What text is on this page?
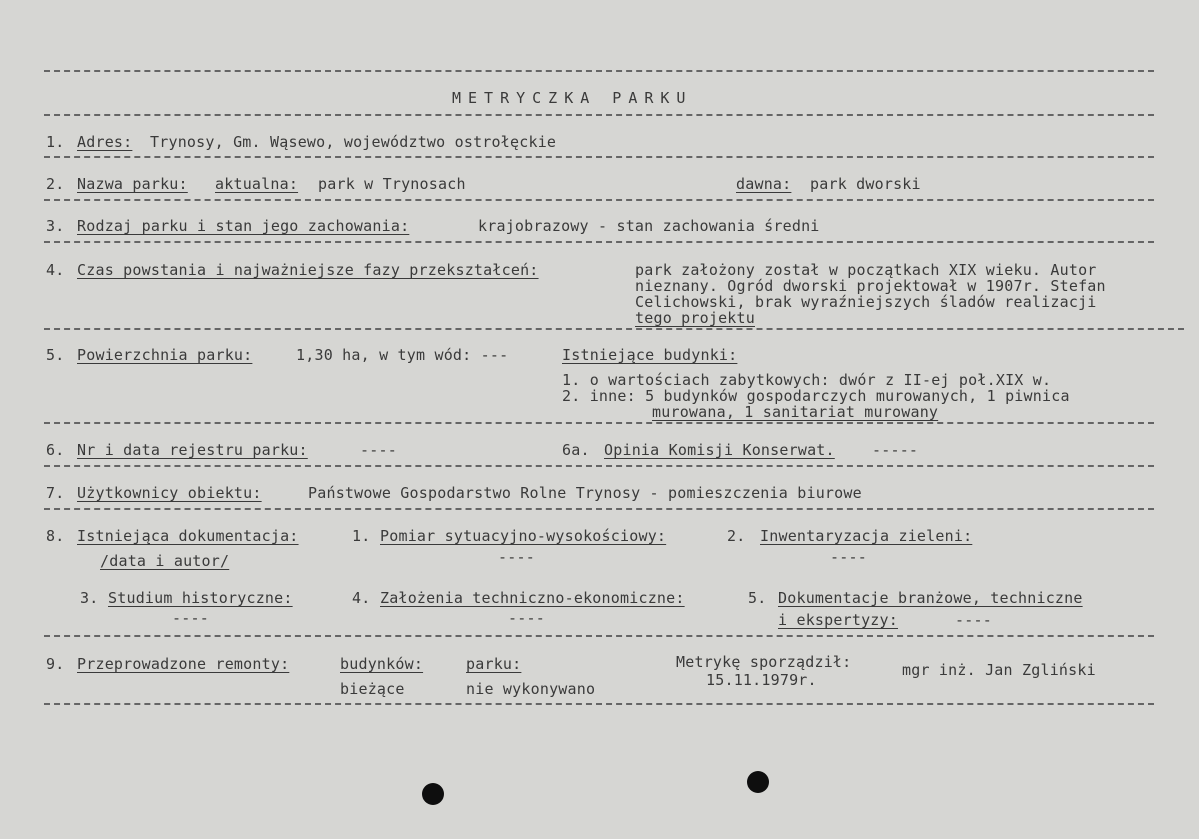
METRYCZKA PARKU
1. Adres: Trynosy, Gm. Wąsewo, województwo ostrołęckie
2. Nazwa parku: aktualna: park w Trynosach	dawna: park dworski
3. Rodzaj parku i stan jego zachowania:	krajobrazowy - stan zachowania średni
4. Czas powstania i najważniejsze fazy przekształceń:	park założony został w początkach XIX wieku. Autor
nieznany. Ogród dworski projektował w 1907r. Stefan
Celichowski, brak wyraźniejszych śladów realizacji
tego projektu
5. Powierzchnia parku:	1,30 ha, w tym wód: ---	Istniejące budynki:
1. o wartościach zabytkowych: dwór z II-ej poł.XIX w.
2. inne: 5 budynków gospodarczych murowanych, 1 piwnica
murowana, 1 sanitariat murowany
6. Nr i data rejestru parku:	----	6a. Opinia Komisji Konserwat. -----
7. Użytkownicy obiektu:	Państwowe Gospodarstwo Rolne Trynosy - pomieszczenia biurowe
8. Istniejąca dokumentacja:
/data i autor/
1. Pomiar sytuacyjno-wysokościowy:
----
2. Inwentaryzacja zieleni:
----
3. Studium historyczne:
----
4. Założenia techniczno-ekonomiczne:
----
5. Dokumentacje branżowe, techniczne
i ekspertyzy:	----
9. Przeprowadzone remonty:	budynków:
bieżące
parku:
nie wykonywano
Metrykę sporządził:
15.11.1979r.
mgr inż. Jan Zgliński
